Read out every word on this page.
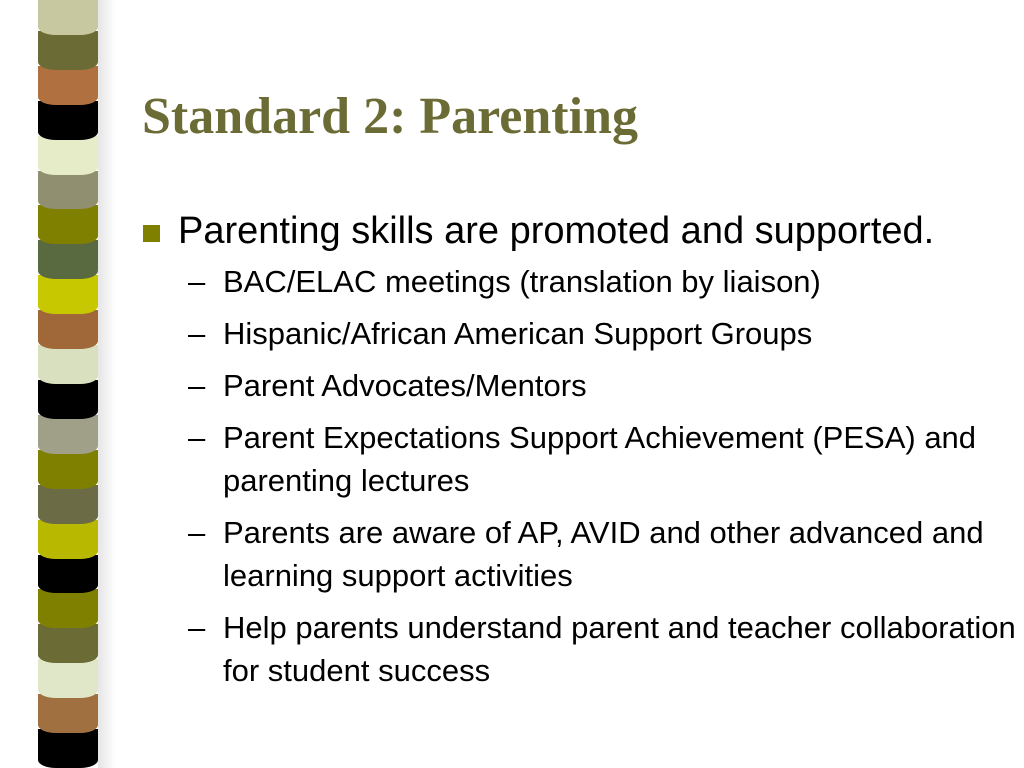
Standard 2: Parenting
Parenting skills are promoted and supported.
– BAC/ELAC meetings (translation by liaison)
– Hispanic/African American Support Groups
– Parent Advocates/Mentors
– Parent Expectations Support Achievement (PESA) and parenting lectures
– Parents are aware of AP, AVID and other advanced and learning support activities
– Help parents understand parent and teacher collaboration for student success
